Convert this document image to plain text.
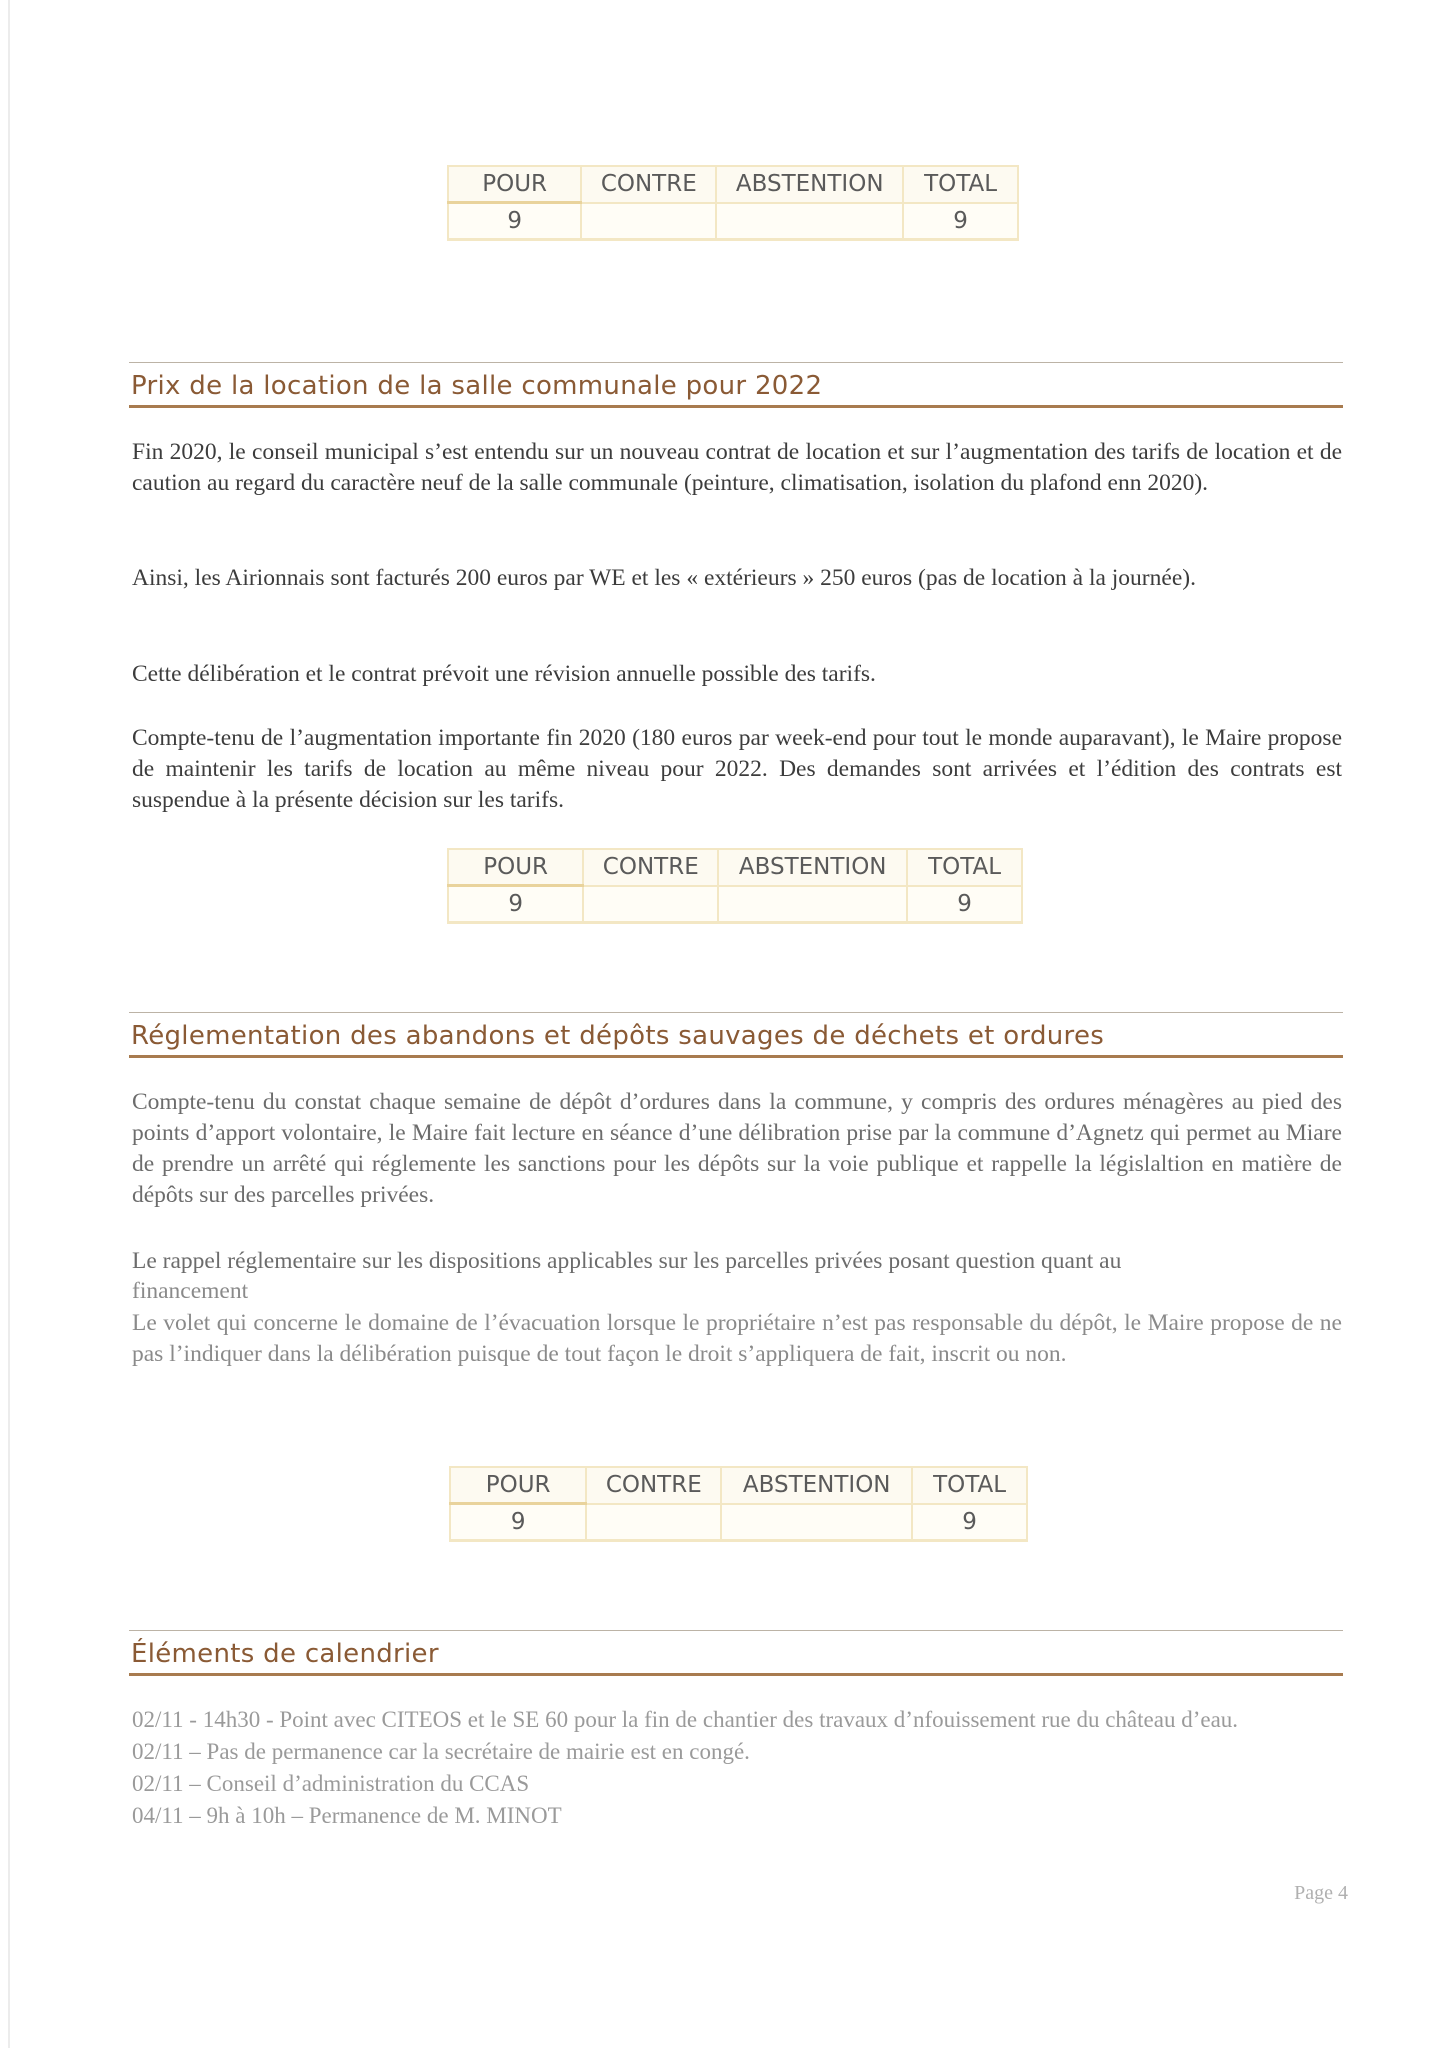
POUR	CONTRE	ABSTENTION	TOTAL
9			9
Prix de la location de la salle communale pour 2022

Fin 2020, le conseil municipal s’est entendu sur un nouveau contrat de location et sur l’augmentation des tarifs de location et de caution au regard du caractère neuf de la salle communale (peinture, climatisation, isolation du plafond enn 2020).

Ainsi, les Airionnais sont facturés 200 euros par WE et les « extérieurs » 250 euros (pas de location à la journée).

Cette délibération et le contrat prévoit une révision annuelle possible des tarifs.

Compte-tenu de l’augmentation importante fin 2020 (180 euros par week-end pour tout le monde auparavant), le Maire propose de maintenir les tarifs de location au même niveau pour 2022. Des demandes sont arrivées et l’édition des contrats est suspendue à la présente décision sur les tarifs.

POUR	CONTRE	ABSTENTION	TOTAL
9			9
Réglementation des abandons et dépôts sauvages de déchets et ordures

Compte-tenu du constat chaque semaine de dépôt d’ordures dans la commune, y compris des ordures ménagères au pied des points d’apport volontaire, le Maire fait lecture en séance d’une délibration prise par la commune d’Agnetz qui permet au Miare de prendre un arrêté qui réglemente les sanctions pour les dépôts sur la voie publique et rappelle la législaltion en matière de dépôts sur des parcelles privées.

Le rappel réglementaire sur les dispositions applicables sur les parcelles privées posant question quant au

financement

Le volet qui concerne le domaine de l’évacuation lorsque le propriétaire n’est pas responsable du dépôt, le Maire propose de ne pas l’indiquer dans la délibération puisque de tout façon le droit s’appliquera de fait, inscrit ou non.

POUR	CONTRE	ABSTENTION	TOTAL
9			9
Éléments de calendrier
02/11 - 14h30 - Point avec CITEOS et le SE 60 pour la fin de chantier des travaux d’nfouissement rue du château d’eau.
02/11 – Pas de permanence car la secrétaire de mairie est en congé.
02/11 – Conseil d’administration du CCAS
04/11 – 9h à 10h – Permanence de M. MINOT
Page 4
